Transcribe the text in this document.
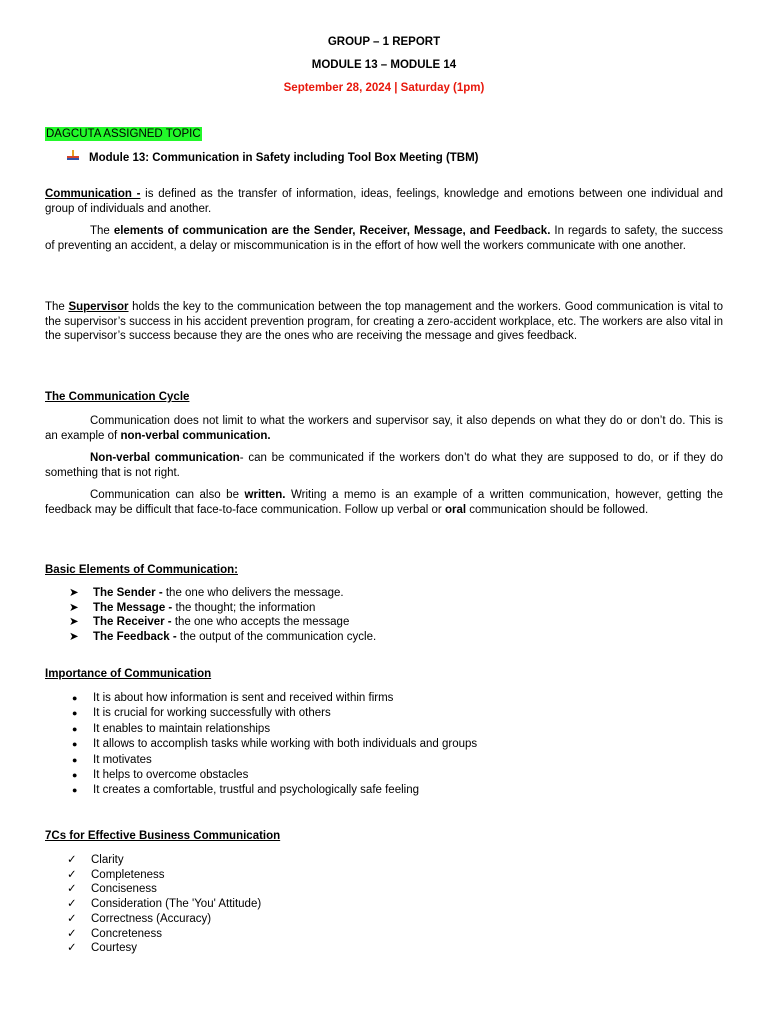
GROUP – 1 REPORT
MODULE 13 – MODULE 14
September 28, 2024 | Saturday (1pm)
DAGCUTA ASSIGNED TOPIC
Module 13: Communication in Safety including Tool Box Meeting (TBM)
Communication - is defined as the transfer of information, ideas, feelings, knowledge and emotions between one individual and group of individuals and another.
The elements of communication are the Sender, Receiver, Message, and Feedback. In regards to safety, the success of preventing an accident, a delay or miscommunication is in the effort of how well the workers communicate with one another.
The Supervisor holds the key to the communication between the top management and the workers. Good communication is vital to the supervisor’s success in his accident prevention program, for creating a zero-accident workplace, etc. The workers are also vital in the supervisor’s success because they are the ones who are receiving the message and gives feedback.
The Communication Cycle
Communication does not limit to what the workers and supervisor say, it also depends on what they do or don’t do. This is an example of non-verbal communication.
Non-verbal communication- can be communicated if the workers don’t do what they are supposed to do, or if they do something that is not right.
Communication can also be written. Writing a memo is an example of a written communication, however, getting the feedback may be difficult that face-to-face communication. Follow up verbal or oral communication should be followed.
Basic Elements of Communication:
➤	The Sender - the one who delivers the message.
➤	The Message - the thought; the information
➤	The Receiver - the one who accepts the message
➤	The Feedback - the output of the communication cycle.
Importance of Communication
●	It is about how information is sent and received within firms
●	It is crucial for working successfully with others
●	It enables to maintain relationships
●	It allows to accomplish tasks while working with both individuals and groups
●	It motivates
●	It helps to overcome obstacles
●	It creates a comfortable, trustful and psychologically safe feeling
7Cs for Effective Business Communication
✓	Clarity
✓	Completeness
✓	Conciseness
✓	Consideration (The 'You' Attitude)
✓	Correctness (Accuracy)
✓	Concreteness
✓	Courtesy
